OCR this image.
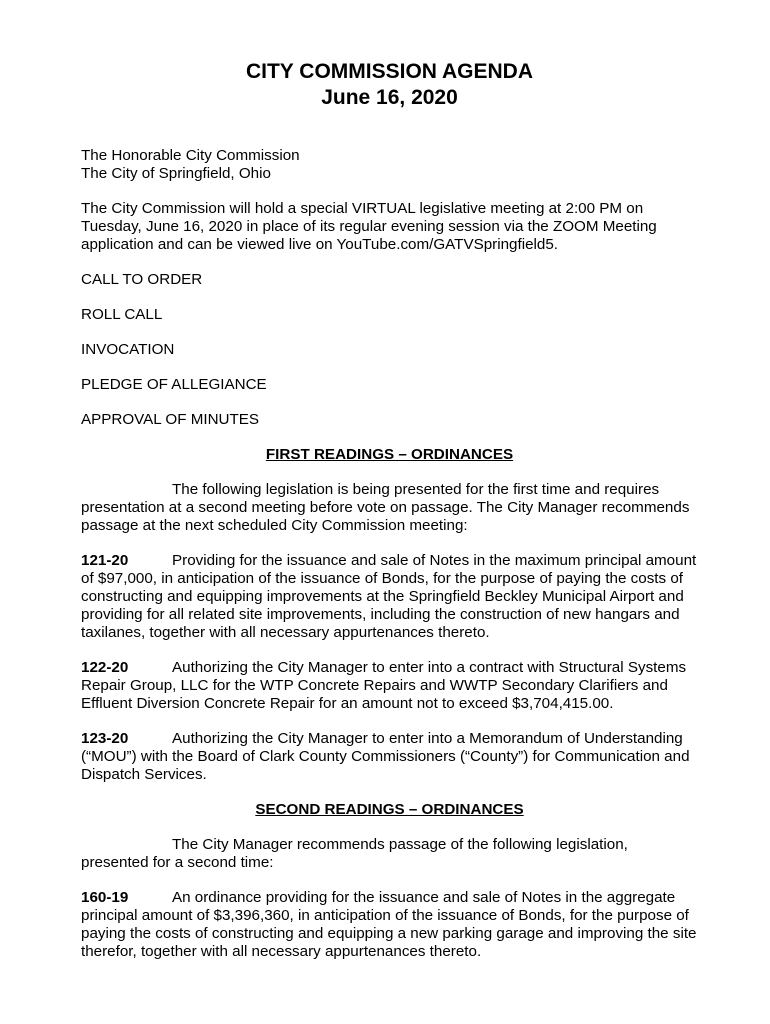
CITY COMMISSION AGENDA
June 16, 2020
The Honorable City Commission
The City of Springfield, Ohio

The City Commission will hold a special VIRTUAL legislative meeting at 2:00 PM on Tuesday, June 16, 2020 in place of its regular evening session via the ZOOM Meeting application and can be viewed live on YouTube.com/GATVSpringfield5.

CALL TO ORDER

ROLL CALL

INVOCATION

PLEDGE OF ALLEGIANCE

APPROVAL OF MINUTES

FIRST READINGS – ORDINANCES

The following legislation is being presented for the first time and requires presentation at a second meeting before vote on passage. The City Manager recommends passage at the next scheduled City Commission meeting:

121-20	Providing for the issuance and sale of Notes in the maximum principal amount of $97,000, in anticipation of the issuance of Bonds, for the purpose of paying the costs of constructing and equipping improvements at the Springfield Beckley Municipal Airport and providing for all related site improvements, including the construction of new hangars and taxilanes, together with all necessary appurtenances thereto.

122-20	Authorizing the City Manager to enter into a contract with Structural Systems Repair Group, LLC for the WTP Concrete Repairs and WWTP Secondary Clarifiers and Effluent Diversion Concrete Repair for an amount not to exceed $3,704,415.00.

123-20	Authorizing the City Manager to enter into a Memorandum of Understanding (“MOU”) with the Board of Clark County Commissioners (“County”) for Communication and Dispatch Services.

SECOND READINGS – ORDINANCES

The City Manager recommends passage of the following legislation, presented for a second time:

160-19	An ordinance providing for the issuance and sale of Notes in the aggregate principal amount of $3,396,360, in anticipation of the issuance of Bonds, for the purpose of paying the costs of constructing and equipping a new parking garage and improving the site therefor, together with all necessary appurtenances thereto.
